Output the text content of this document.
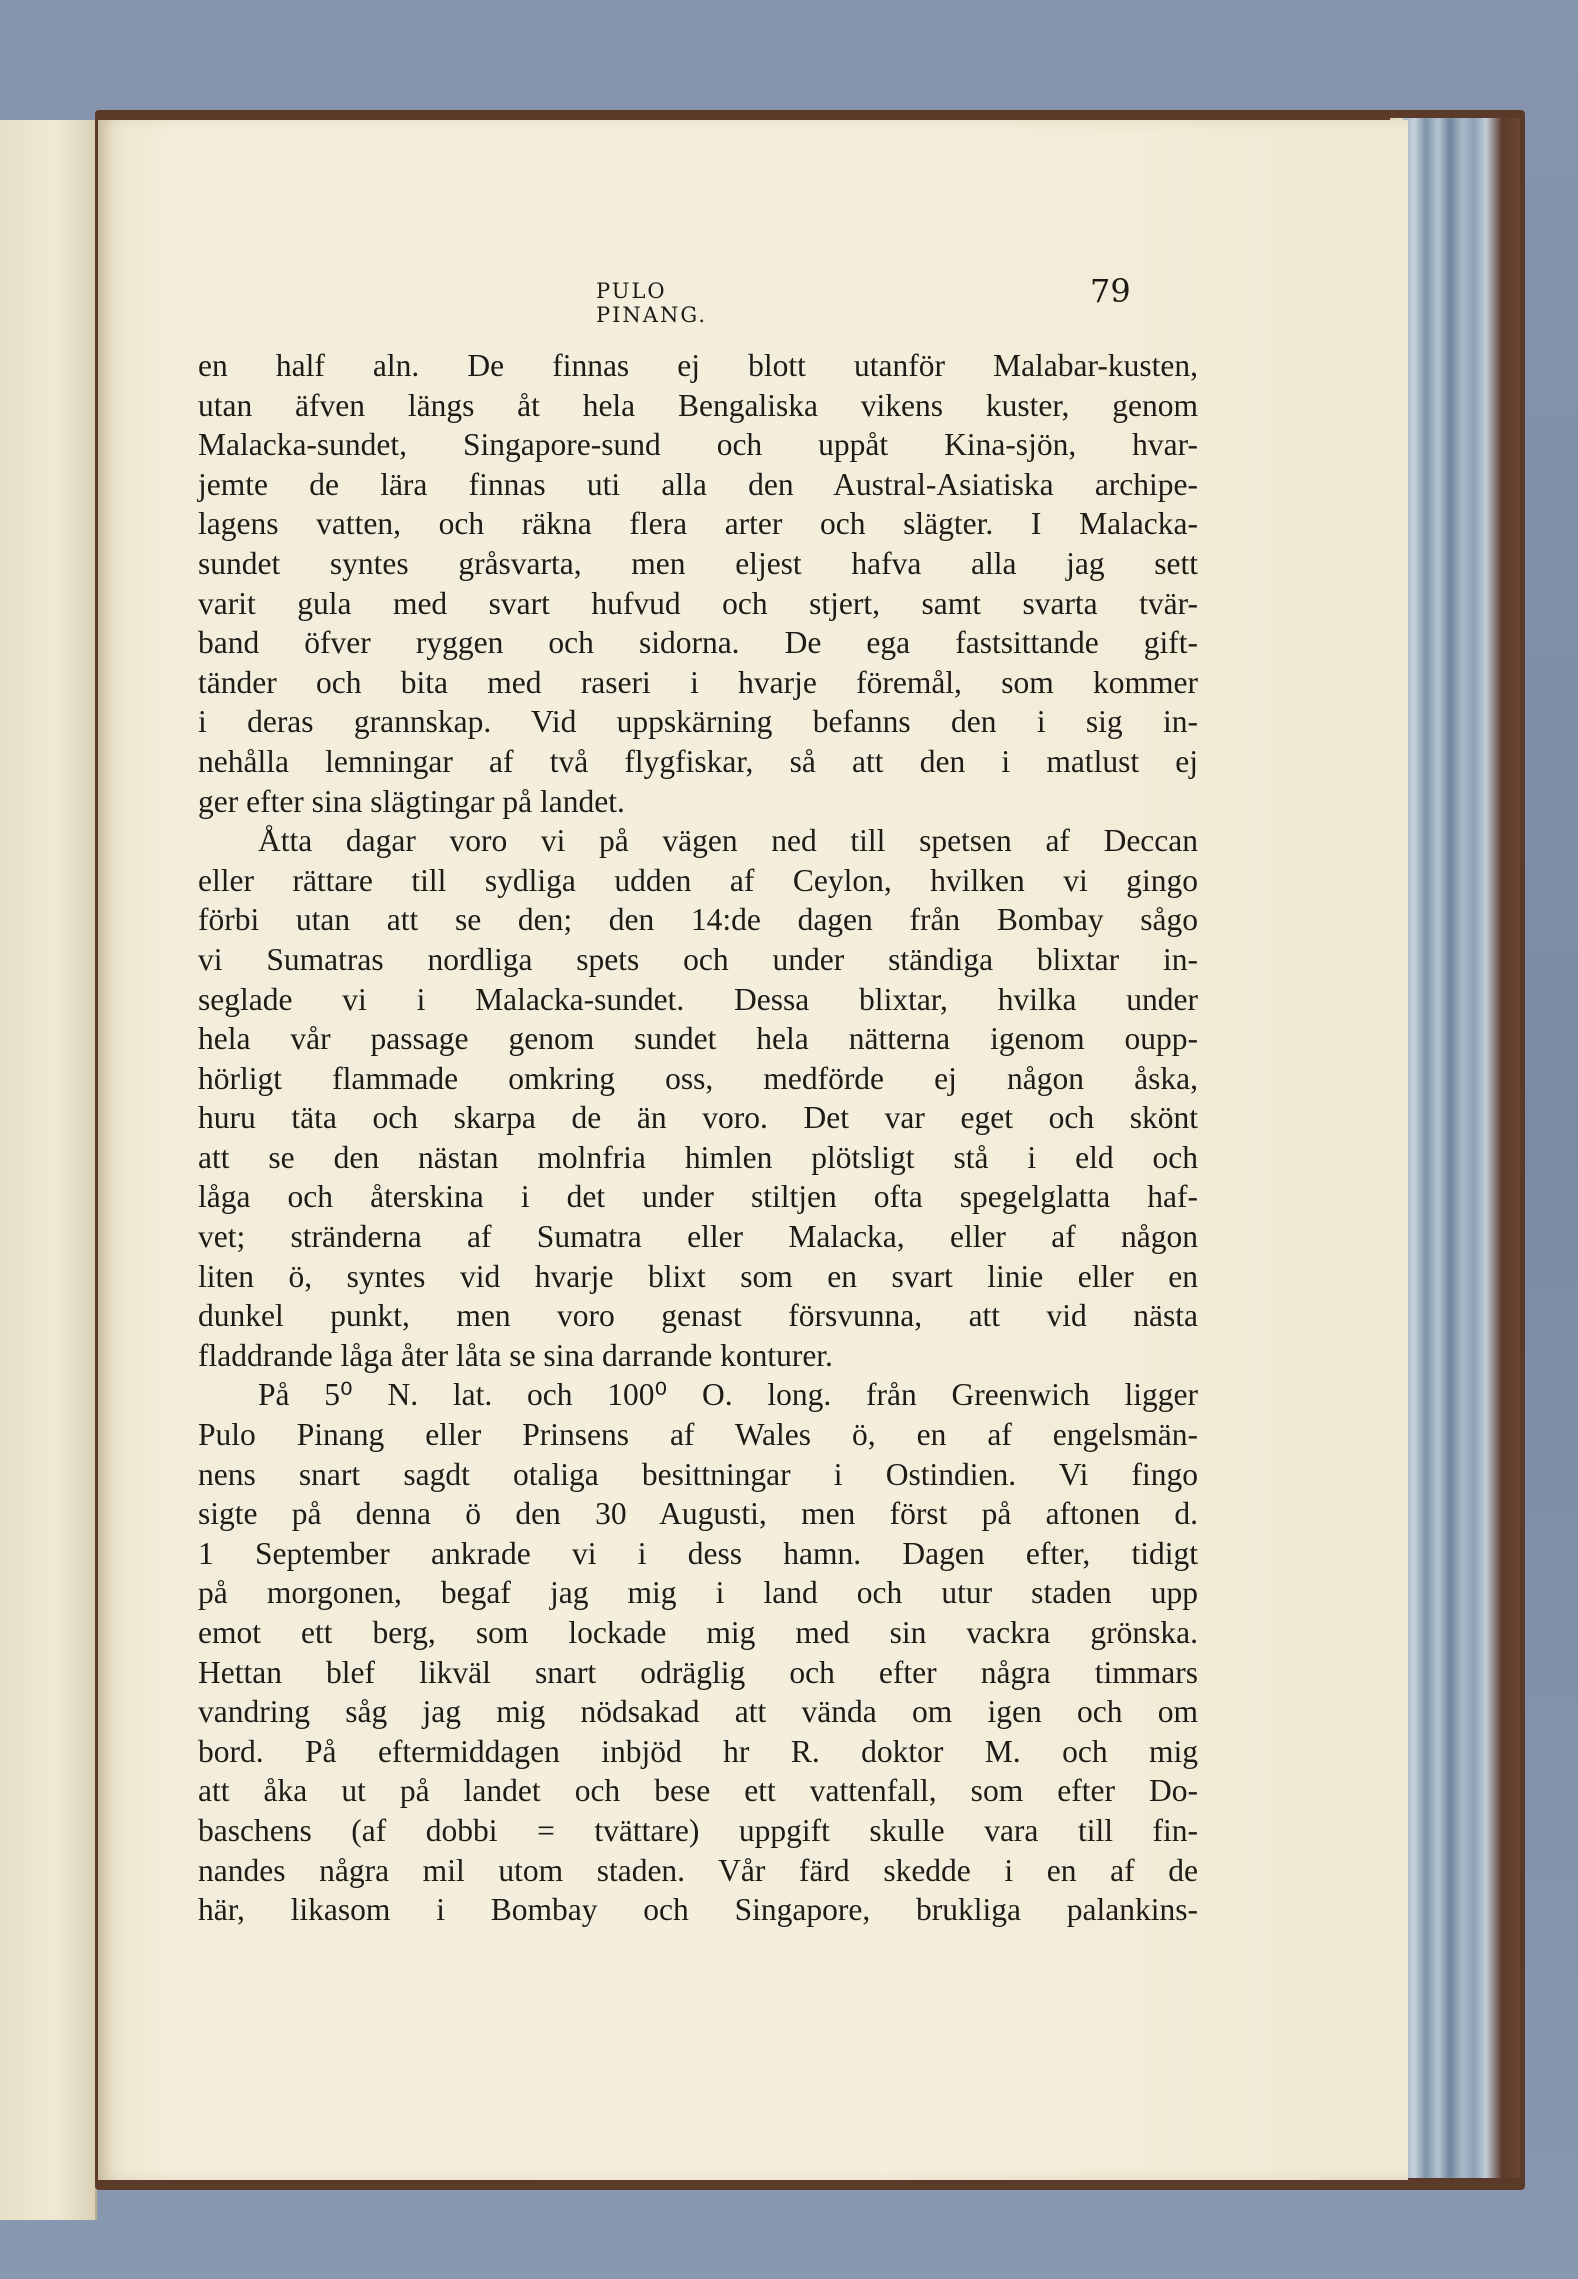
PULO PINANG.

79

en half aln. De finnas ej blott utanför Malabar-kusten,
utan äfven längs åt hela Bengaliska vikens kuster, genom
Malacka-sundet, Singapore-sund och uppåt Kina-sjön, hvar-
jemte de lära finnas uti alla den Austral-Asiatiska archipe-
lagens vatten, och räkna flera arter och slägter. I Malacka-
sundet syntes gråsvarta, men eljest hafva alla jag sett
varit gula med svart hufvud och stjert, samt svarta tvär-
band öfver ryggen och sidorna. De ega fastsittande gift-
tänder och bita med raseri i hvarje föremål, som kommer
i deras grannskap. Vid uppskärning befanns den i sig in-
nehålla lemningar af två flygfiskar, så att den i matlust ej
ger efter sina slägtingar på landet.
Åtta dagar voro vi på vägen ned till spetsen af Deccan
eller rättare till sydliga udden af Ceylon, hvilken vi gingo
förbi utan att se den; den 14:de dagen från Bombay sågo
vi Sumatras nordliga spets och under ständiga blixtar in-
seglade vi i Malacka-sundet. Dessa blixtar, hvilka under
hela vår passage genom sundet hela nätterna igenom oupp-
hörligt flammade omkring oss, medförde ej någon åska,
huru täta och skarpa de än voro. Det var eget och skönt
att se den nästan molnfria himlen plötsligt stå i eld och
låga och återskina i det under stiltjen ofta spegelglatta haf-
vet; stränderna af Sumatra eller Malacka, eller af någon
liten ö, syntes vid hvarje blixt som en svart linie eller en
dunkel punkt, men voro genast försvunna, att vid nästa
fladdrande låga åter låta se sina darrande konturer.
På 5⁰ N. lat. och 100⁰ O. long. från Greenwich ligger
Pulo Pinang eller Prinsens af Wales ö, en af engelsmän-
nens snart sagdt otaliga besittningar i Ostindien. Vi fingo
sigte på denna ö den 30 Augusti, men först på aftonen d.
1 September ankrade vi i dess hamn. Dagen efter, tidigt
på morgonen, begaf jag mig i land och utur staden upp
emot ett berg, som lockade mig med sin vackra grönska.
Hettan blef likväl snart odräglig och efter några timmars
vandring såg jag mig nödsakad att vända om igen och om
bord. På eftermiddagen inbjöd hr R. doktor M. och mig
att åka ut på landet och bese ett vattenfall, som efter Do-
baschens (af dobbi = tvättare) uppgift skulle vara till fin-
nandes några mil utom staden. Vår färd skedde i en af de
här, likasom i Bombay och Singapore, brukliga palankins-
